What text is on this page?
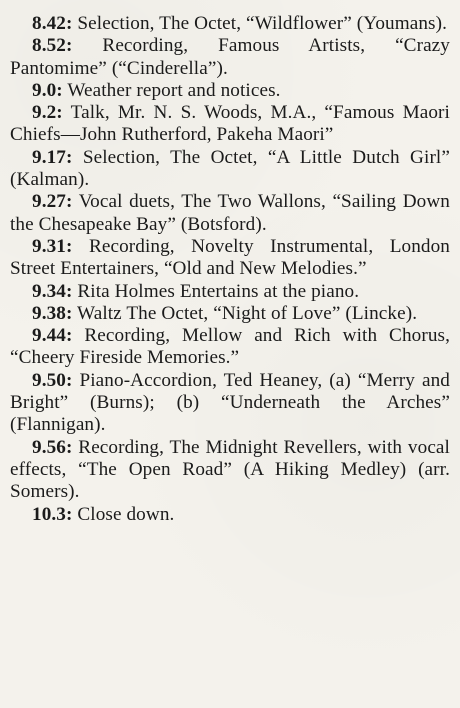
8.42: Selection, The Octet, “Wildflower” (Youmans).

8.52: Recording, Famous Artists, “Crazy Pantomime” (“Cinderella”).

9.0: Weather report and notices.

9.2: Talk, Mr. N. S. Woods, M.A., “Famous Maori Chiefs—John Rutherford, Pakeha Maori”

9.17: Selection, The Octet, “A Little Dutch Girl” (Kalman).

9.27: Vocal duets, The Two Wallons, “Sailing Down the Chesapeake Bay” (Botsford).

9.31: Recording, Novelty Instrumental, London Street Entertainers, “Old and New Melodies.”

9.34: Rita Holmes Entertains at the piano.

9.38: Waltz The Octet, “Night of Love” (Lincke).

9.44: Recording, Mellow and Rich with Chorus, “Cheery Fireside Memories.”

9.50: Piano-Accordion, Ted Heaney, (a) “Merry and Bright” (Burns); (b) “Underneath the Arches” (Flannigan).

9.56: Recording, The Midnight Revellers, with vocal effects, “The Open Road” (A Hiking Medley) (arr. Somers).

10.3: Close down.
